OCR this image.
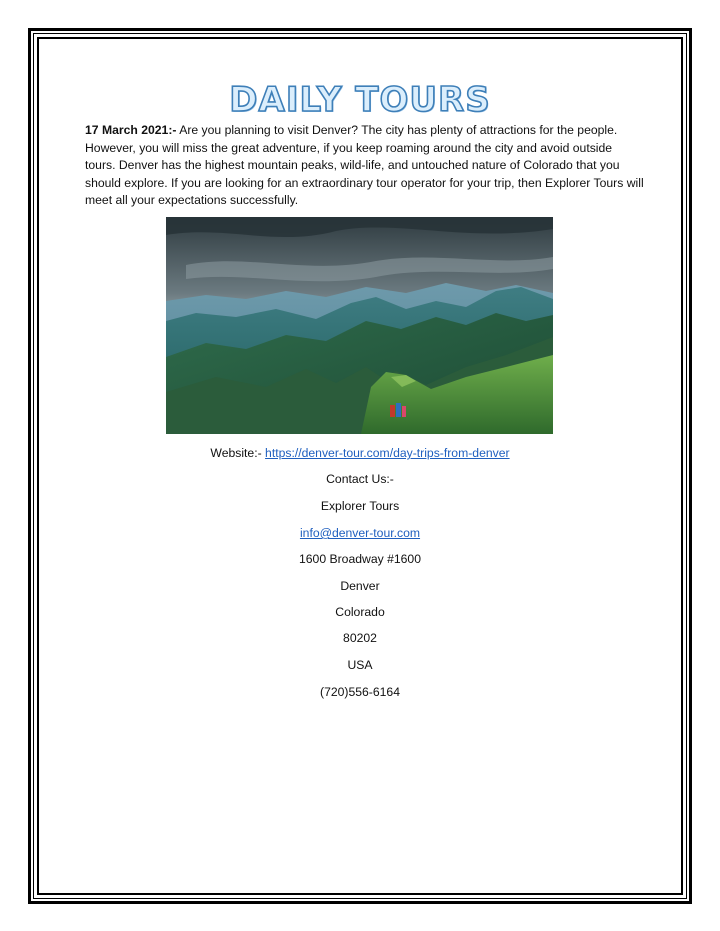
DAILY TOURS
17 March 2021:- Are you planning to visit Denver? The city has plenty of attractions for the people. However, you will miss the great adventure, if you keep roaming around the city and avoid outside tours. Denver has the highest mountain peaks, wild-life, and untouched nature of Colorado that you should explore. If you are looking for an extraordinary tour operator for your trip, then Explorer Tours will meet all your expectations successfully.
Website:- https://denver-tour.com/day-trips-from-denver
Contact Us:-
Explorer Tours
info@denver-tour.com
1600 Broadway #1600
Denver
Colorado
80202
USA
(720)556-6164
